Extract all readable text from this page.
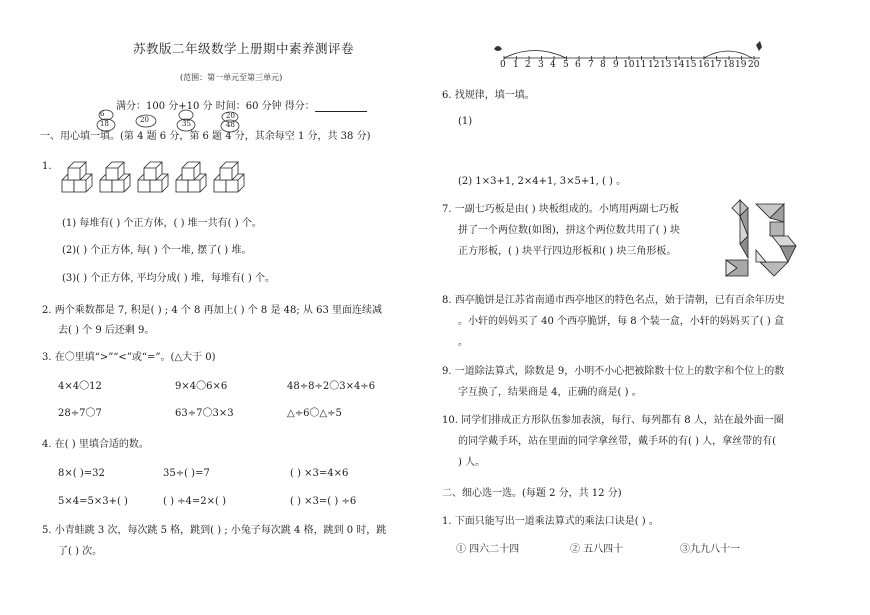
苏教版二年级数学上册期中素养测评卷
(范围：第一单元至第三单元)
满分：100 分+10 分 时间：60 分钟 得分：
6
18	20	35
20
48
一、用心填一填。(第 4 题 6 分，第 6 题 4 分，其余每空 1 分，共 38 分)
1.
(1) 每堆有( ) 个正方体，( ) 堆一共有( ) 个。
(2)( ) 个正方体, 每( ) 个一堆, 摆了( ) 堆。
(3)( ) 个正方体, 平均分成( ) 堆，每堆有( ) 个。
2. 两个乘数都是 7, 积是( ) ; 4 个 8 再加上( ) 个 8 是 48; 从 63 里面连续减
去( ) 个 9 后还剩 9。
3. 在〇里填“>”“<”或“=”。(△大于 0)
4×4〇12	9×4〇6×6	48÷8÷2〇3×4÷6
28÷7〇7	63÷7〇3×3	△÷6〇△÷5
4. 在( ) 里填合适的数。
8×( )=32	35÷( )=7	( ) ×3=4×6
5×4=5×3+( )	( ) ÷4=2×( )	( ) ×3=( ) ÷6
5. 小青蛙跳 3 次，每次跳 5 格，跳到( ) ; 小兔子每次跳 4 格，跳到 0 时，跳
了( ) 次。
0 1 2 3 4 5 6 7 8 9 10 11 12 13 14 15 16 17 18 19 20
6. 找规律，填一填。
(1)
(2) 1×3+1, 2×4+1, 3×5+1, ( ) 。
7. 一副七巧板是由( ) 块板组成的。小鸠用两副七巧板
拼了一个两位数(如图)，拼这个两位数共用了( ) 块
正方形板，( ) 块平行四边形板和( ) 块三角形板。
8. 西亭脆饼是江苏省南通市西亭地区的特色名点，始于清朝，已有百余年历史
。小轩的妈妈买了 40 个西亭脆饼，每 8 个装一盒，小轩的妈妈买了( ) 盒
。
9. 一道除法算式，除数是 9，小明不小心把被除数十位上的数字和个位上的数
字互换了，结果商是 4，正确的商是( ) 。
10. 同学们排成正方形队伍参加表演，每行、每列都有 8 人，站在最外面一圈
的同学戴手环，站在里面的同学拿丝带，戴手环的有( ) 人，拿丝带的有(
) 人。
二、细心选一选。(每题 2 分，共 12 分)
1. 下面只能写出一道乘法算式的乘法口诀是( ) 。
① 四六二十四	② 五八四十	③九九八十一
